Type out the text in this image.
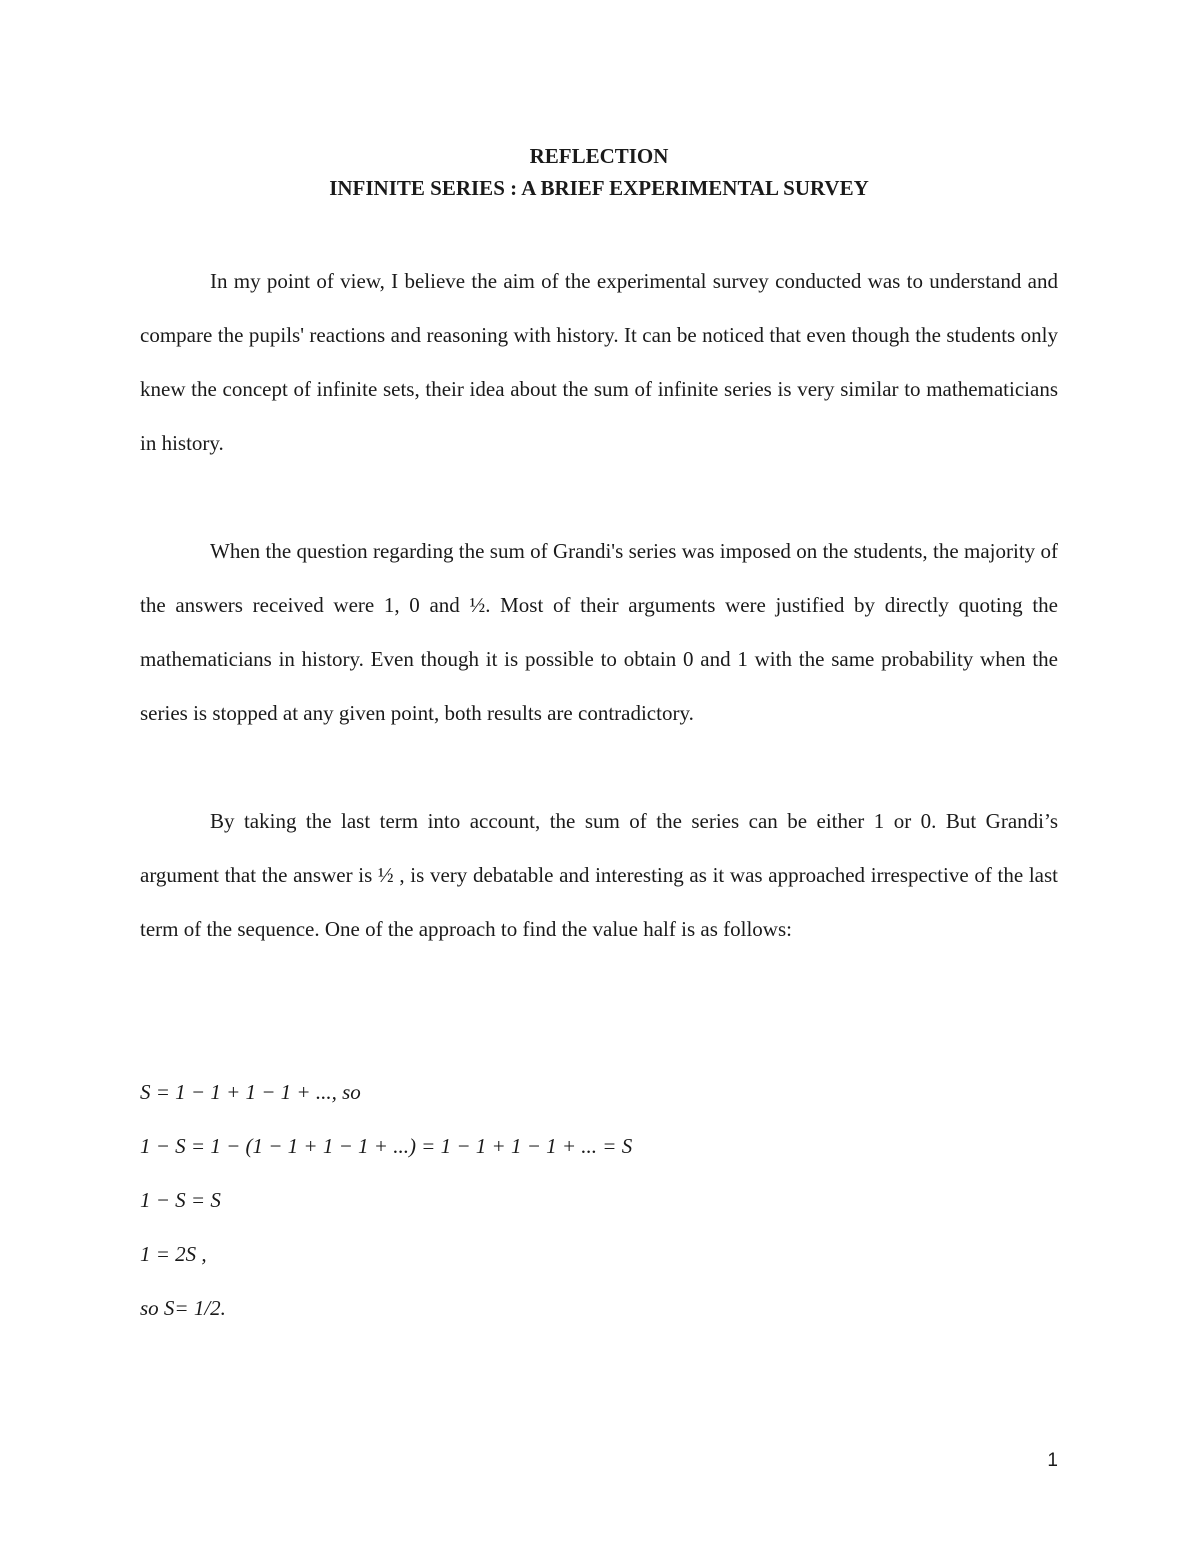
REFLECTION
INFINITE SERIES : A BRIEF EXPERIMENTAL SURVEY

In my point of view, I believe the aim of the experimental survey conducted was to understand and compare the pupils' reactions and reasoning with history. It can be noticed that even though the students only knew the concept of infinite sets, their idea about the sum of infinite series is very similar to mathematicians in history.

When the question regarding the sum of Grandi's series was imposed on the students, the majority of the answers received were 1, 0 and ½. Most of their arguments were justified by directly quoting the mathematicians in history. Even though it is possible to obtain 0 and 1 with the same probability when the series is stopped at any given point, both results are contradictory.

By taking the last term into account, the sum of the series can be either 1 or 0. But Grandi’s argument that the answer is ½ , is very debatable and interesting as it was approached irrespective of the last term of the sequence. One of the approach to find the value half is as follows:

S = 1 − 1 + 1 − 1 + ..., so
1 − S = 1 − (1 − 1 + 1 − 1 + ...) = 1 − 1 + 1 − 1 + ... = S
1 − S = S
1 = 2S ,
so S= 1/2.
1
